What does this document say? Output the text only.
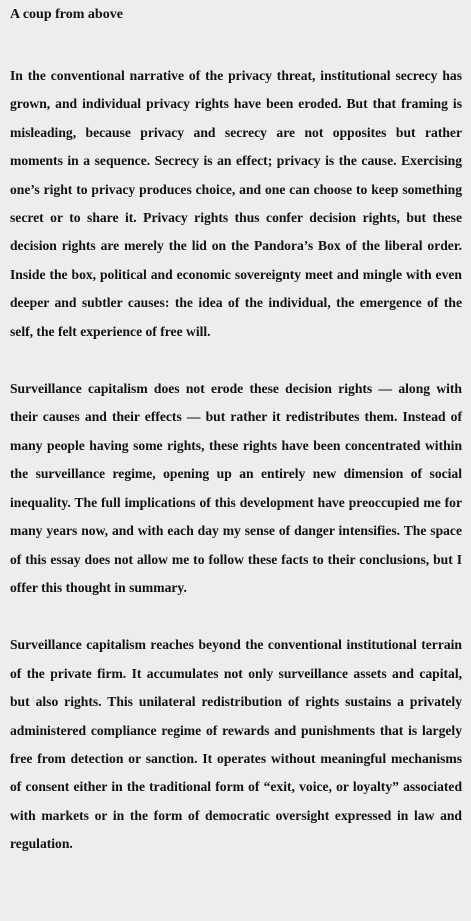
A coup from above

In the conventional narrative of the privacy threat, institutional secrecy has grown, and individual privacy rights have been eroded. But that framing is misleading, because privacy and secrecy are not opposites but rather moments in a sequence. Secrecy is an effect; privacy is the cause. Exercising one’s right to privacy produces choice, and one can choose to keep something secret or to share it. Privacy rights thus confer decision rights, but these decision rights are merely the lid on the Pandora’s Box of the liberal order. Inside the box, political and economic sovereignty meet and mingle with even deeper and subtler causes: the idea of the individual, the emergence of the self, the felt experience of free will.

Surveillance capitalism does not erode these decision rights — along with their causes and their effects — but rather it redistributes them. Instead of many people having some rights, these rights have been concentrated within the surveillance regime, opening up an entirely new dimension of social inequality. The full implications of this development have preoccupied me for many years now, and with each day my sense of danger intensifies. The space of this essay does not allow me to follow these facts to their conclusions, but I offer this thought in summary.

Surveillance capitalism reaches beyond the conventional institutional terrain of the private firm. It accumulates not only surveillance assets and capital, but also rights. This unilateral redistribution of rights sustains a privately administered compliance regime of rewards and punishments that is largely free from detection or sanction. It operates without meaningful mechanisms of consent either in the traditional form of “exit, voice, or loyalty” associated with markets or in the form of democratic oversight expressed in law and regulation.
